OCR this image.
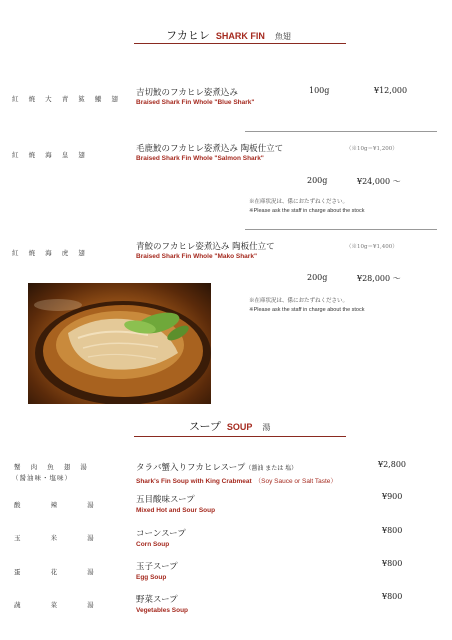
フカヒレ SHARK FIN 魚翅
紅 焼 大 青 鯊 鱶 翅
吉切鮫のフカヒレ姿煮込み
Braised Shark Fin Whole "Blue Shark"
100g	¥12,000
紅 焼 海 皇 翅
毛鹿鮫のフカヒレ姿煮込み 陶板仕立て	（※10g＝¥1,200）
Braised Shark Fin Whole "Salmon Shark"
200g	¥24,000 〜
※在庫状況は、係におたずねください。
※Please ask the staff in charge about the stock
紅 焼 海 虎 翅
青鮫のフカヒレ姿煮込み 陶板仕立て	（※10g＝¥1,400）
Braised Shark Fin Whole "Mako Shark"
200g	¥28,000 〜
※在庫状況は、係におたずねください。
※Please ask the staff in charge about the stock
スープ SOUP 湯
蟹 肉 魚 翅 湯
（醤油味・塩味）
タラバ蟹入りフカヒレスープ（醤油 または 塩）
Shark's Fin Soup with King Crabmeat （Soy Sauce or Salt Taste）
¥2,800
酸 辣 湯	五目酸味スープ
Mixed Hot and Sour Soup
¥900
玉 米 湯	コーンスープ
Corn Soup
¥800
蛋 花 湯	玉子スープ
Egg Soup
¥800
蔬 菜 湯	野菜スープ
Vegetables Soup
¥800
